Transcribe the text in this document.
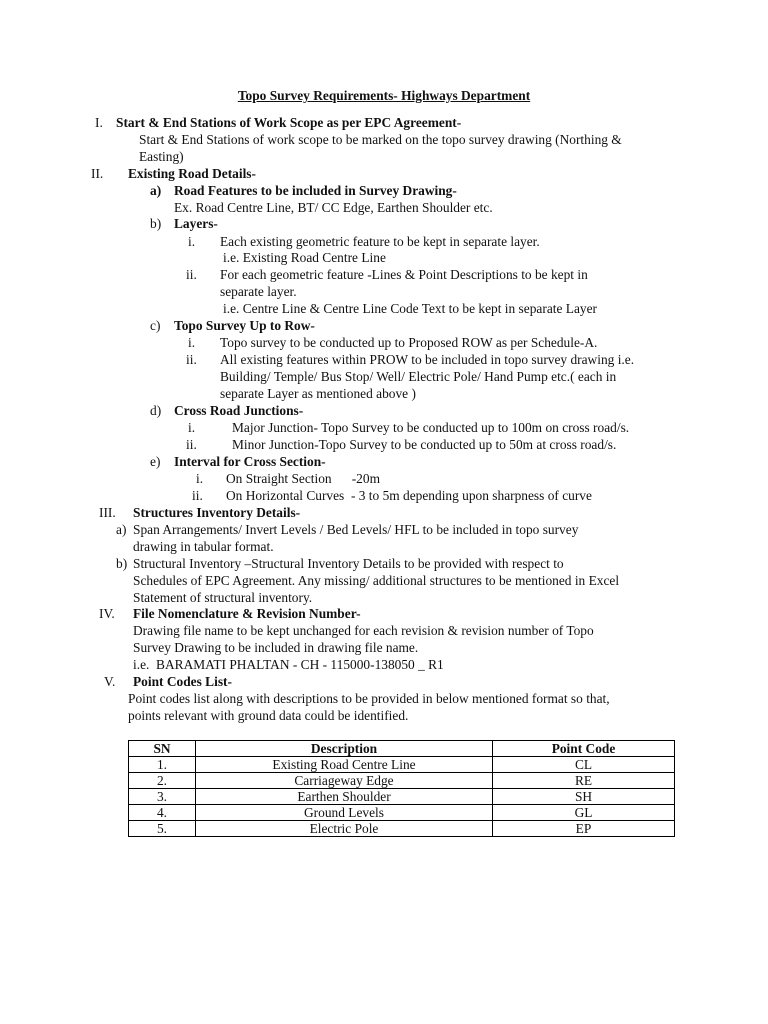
Topo Survey Requirements- Highways Department
I. Start & End Stations of Work Scope as per EPC Agreement-
Start & End Stations of work scope to be marked on the topo survey drawing (Northing &
Easting)
II. Existing Road Details-
a) Road Features to be included in Survey Drawing-
Ex. Road Centre Line, BT/ CC Edge, Earthen Shoulder etc.
b) Layers-
i. Each existing geometric feature to be kept in separate layer.
i.e. Existing Road Centre Line
ii. For each geometric feature -Lines & Point Descriptions to be kept in
separate layer.
i.e. Centre Line & Centre Line Code Text to be kept in separate Layer
c) Topo Survey Up to Row-
i. Topo survey to be conducted up to Proposed ROW as per Schedule-A.
ii. All existing features within PROW to be included in topo survey drawing i.e.
Building/ Temple/ Bus Stop/ Well/ Electric Pole/ Hand Pump etc.( each in
separate Layer as mentioned above )
d) Cross Road Junctions-
i.	Major Junction- Topo Survey to be conducted up to 100m on cross road/s.
ii.	Minor Junction-Topo Survey to be conducted up to 50m at cross road/s.
e) Interval for Cross Section-
i. On Straight Section      -20m
ii. On Horizontal Curves  - 3 to 5m depending upon sharpness of curve
III. Structures Inventory Details-
a) Span Arrangements/ Invert Levels / Bed Levels/ HFL to be included in topo survey
drawing in tabular format.
b) Structural Inventory –Structural Inventory Details to be provided with respect to
Schedules of EPC Agreement. Any missing/ additional structures to be mentioned in Excel
Statement of structural inventory.
IV. File Nomenclature & Revision Number-
Drawing file name to be kept unchanged for each revision & revision number of Topo
Survey Drawing to be included in drawing file name.
i.e.  BARAMATI PHALTAN - CH - 115000-138050 _ R1
V. Point Codes List-
Point codes list along with descriptions to be provided in below mentioned format so that,
points relevant with ground data could be identified.
SN	Description	Point Code
1.	Existing Road Centre Line	CL
2.	Carriageway Edge	RE
3.	Earthen Shoulder	SH
4.	Ground Levels	GL
5.	Electric Pole	EP
